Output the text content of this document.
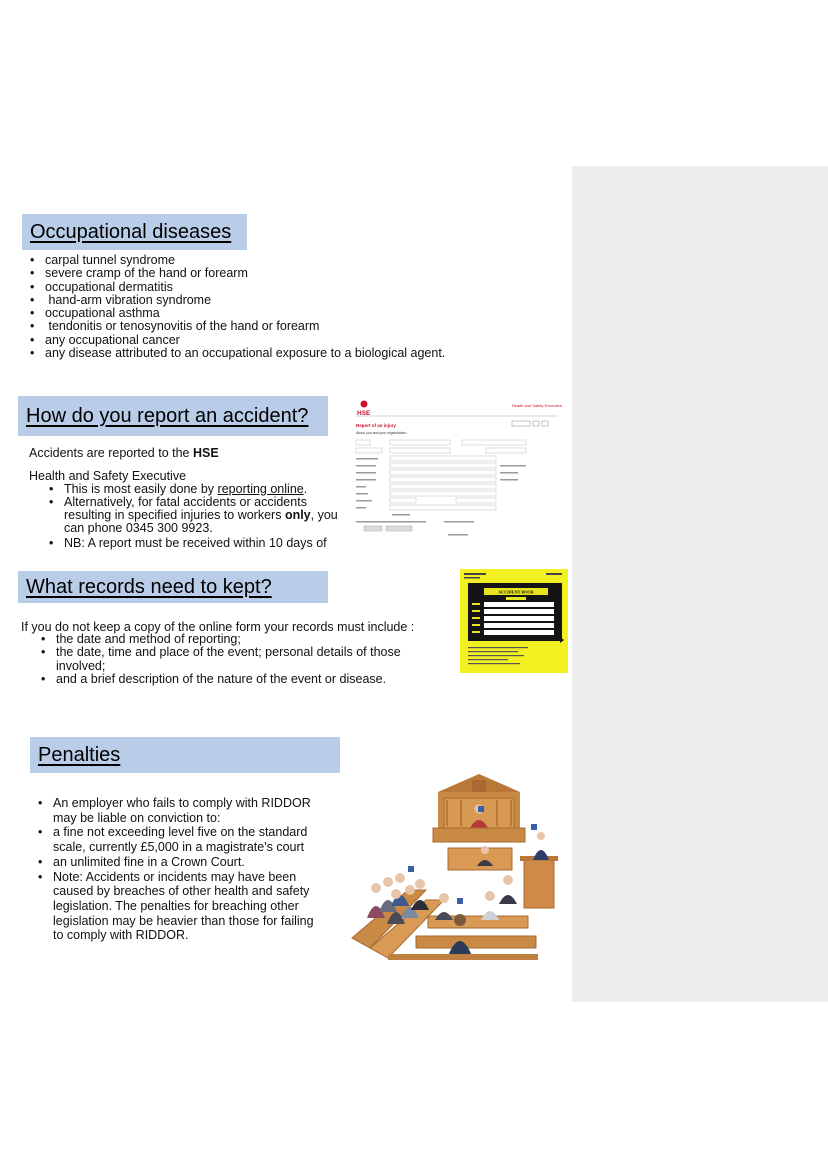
Occupational diseases
• carpal tunnel syndrome
• severe cramp of the hand or forearm
• occupational dermatitis
•  hand-arm vibration syndrome
• occupational asthma
•  tendonitis or tenosynovitis of the hand or forearm
• any occupational cancer
• any disease attributed to an occupational exposure to a biological agent.
How do you report an accident?
Accidents are reported to the HSE
Health and Safety Executive
• This is most easily done by reporting online.
• Alternatively, for fatal accidents or accidents resulting in specified injuries to workers only, you can phone 0345 300 9923.
• NB: A report must be received within 10 days of
HSE
Health and Safety Executive
Report of an injury
About you and your organisation
What records need to kept?
If you do not keep a copy of the online form your records must include :
• the date and method of reporting;
• the date, time and place of the event; personal details of those involved;
• and a brief description of the nature of the event or disease.
ACCIDENT BOOK
Penalties
• An employer who fails to comply with RIDDOR may be liable on conviction to:
• a fine not exceeding level five on the standard scale, currently £5,000 in a magistrate's court
• an unlimited fine in a Crown Court.
• Note: Accidents or incidents may have been caused by breaches of other health and safety legislation. The penalties for breaching other legislation may be heavier than those for failing to comply with RIDDOR.
